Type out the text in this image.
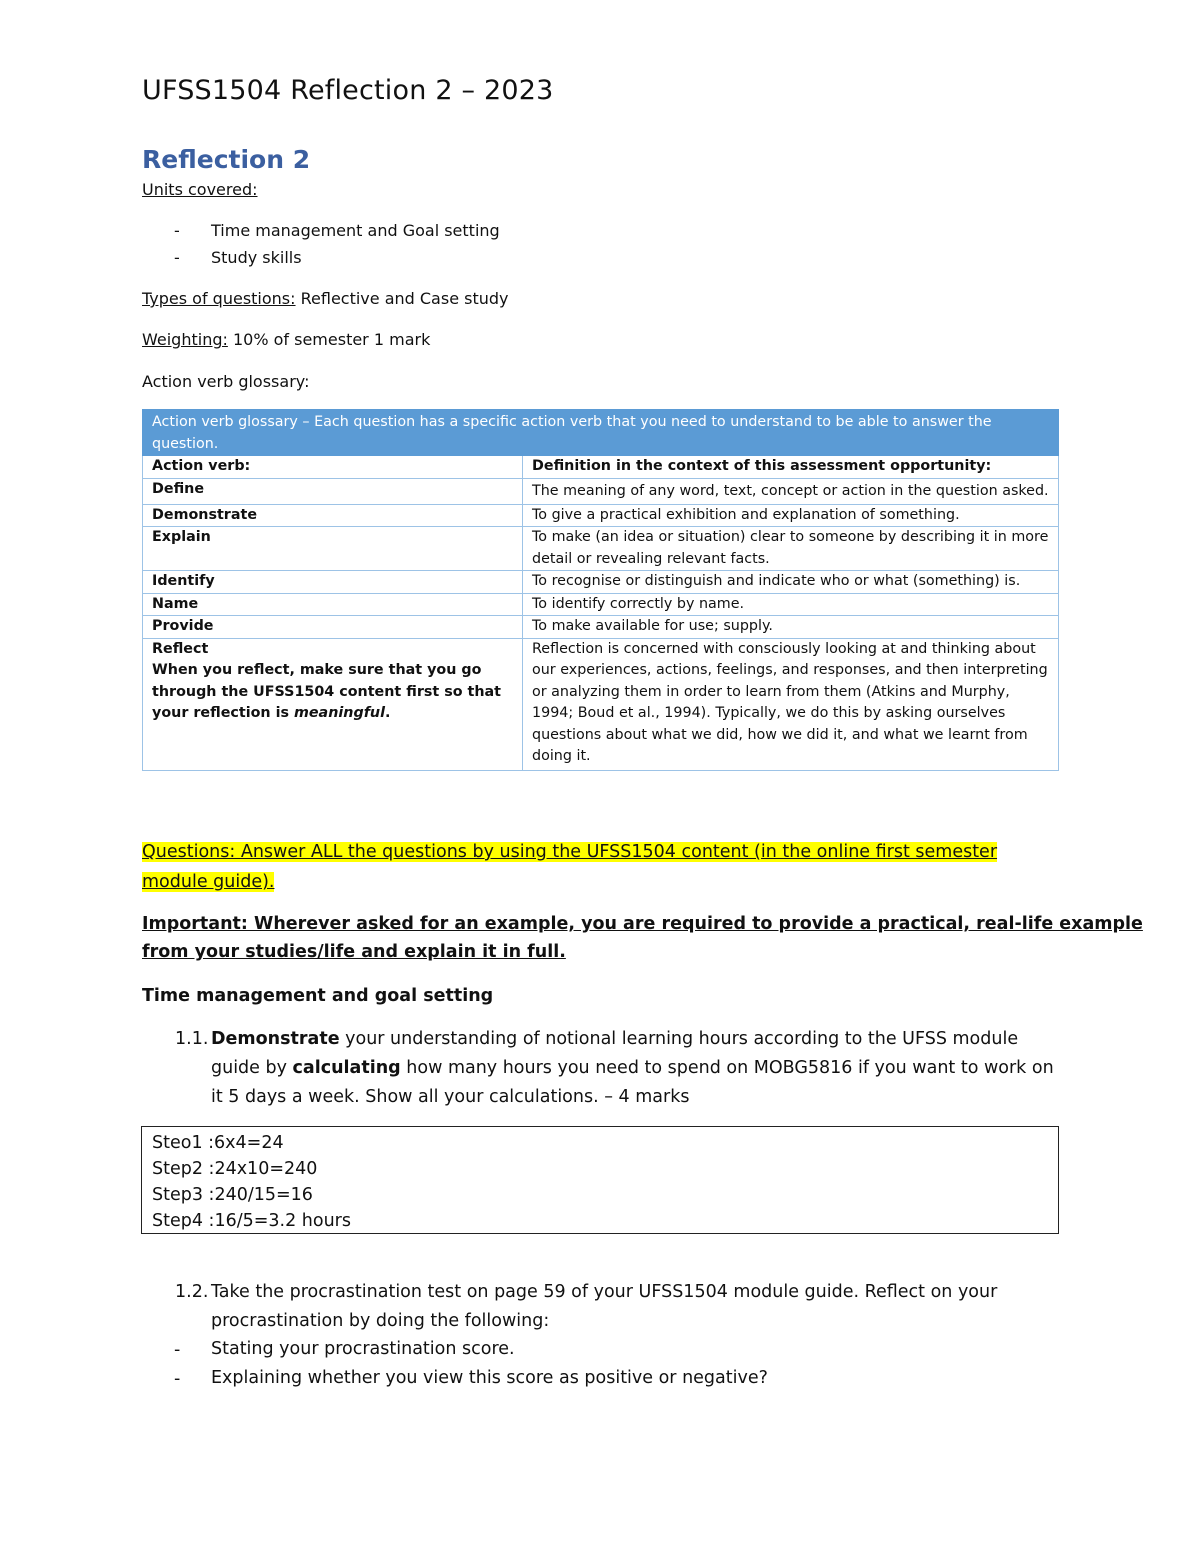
UFSS1504 Reflection 2 – 2023
Reflection 2
Units covered:
- Time management and Goal setting
- Study skills
Types of questions: Reflective and Case study
Weighting: 10% of semester 1 mark
Action verb glossary:
Action verb glossary – Each question has a specific action verb that you need to understand to be able to answer the question.	
Action verb:	Definition in the context of this assessment opportunity:
Define	The meaning of any word, text, concept or action in the question asked.
Demonstrate	To give a practical exhibition and explanation of something.
Explain	To make (an idea or situation) clear to someone by describing it in more detail or revealing relevant facts.
Identify	To recognise or distinguish and indicate who or what (something) is.
Name	To identify correctly by name.
Provide	To make available for use; supply.

Reflect
When you reflect, make sure that you go through the UFSS1504 content first so that your reflection is meaningful.	Reflection is concerned with consciously looking at and thinking about our experiences, actions, feelings, and responses, and then interpreting or analyzing them in order to learn from them (Atkins and Murphy, 1994; Boud et al., 1994). Typically, we do this by asking ourselves questions about what we did, how we did it, and what we learnt from doing it.
Questions: Answer ALL the questions by using the UFSS1504 content (in the online first semester
module guide).
Important: Wherever asked for an example, you are required to provide a practical, real-life example
from your studies/life and explain it in full.
Time management and goal setting
1.1. Demonstrate your understanding of notional learning hours according to the UFSS module
guide by calculating how many hours you need to spend on MOBG5816 if you want to work on
it 5 days a week. Show all your calculations. – 4 marks
Steo1 :6x4=24
Step2 :24x10=240
Step3 :240/15=16
Step4 :16/5=3.2 hours
1.2. Take the procrastination test on page 59 of your UFSS1504 module guide. Reflect on your
procrastination by doing the following:
- Stating your procrastination score.
- Explaining whether you view this score as positive or negative?
